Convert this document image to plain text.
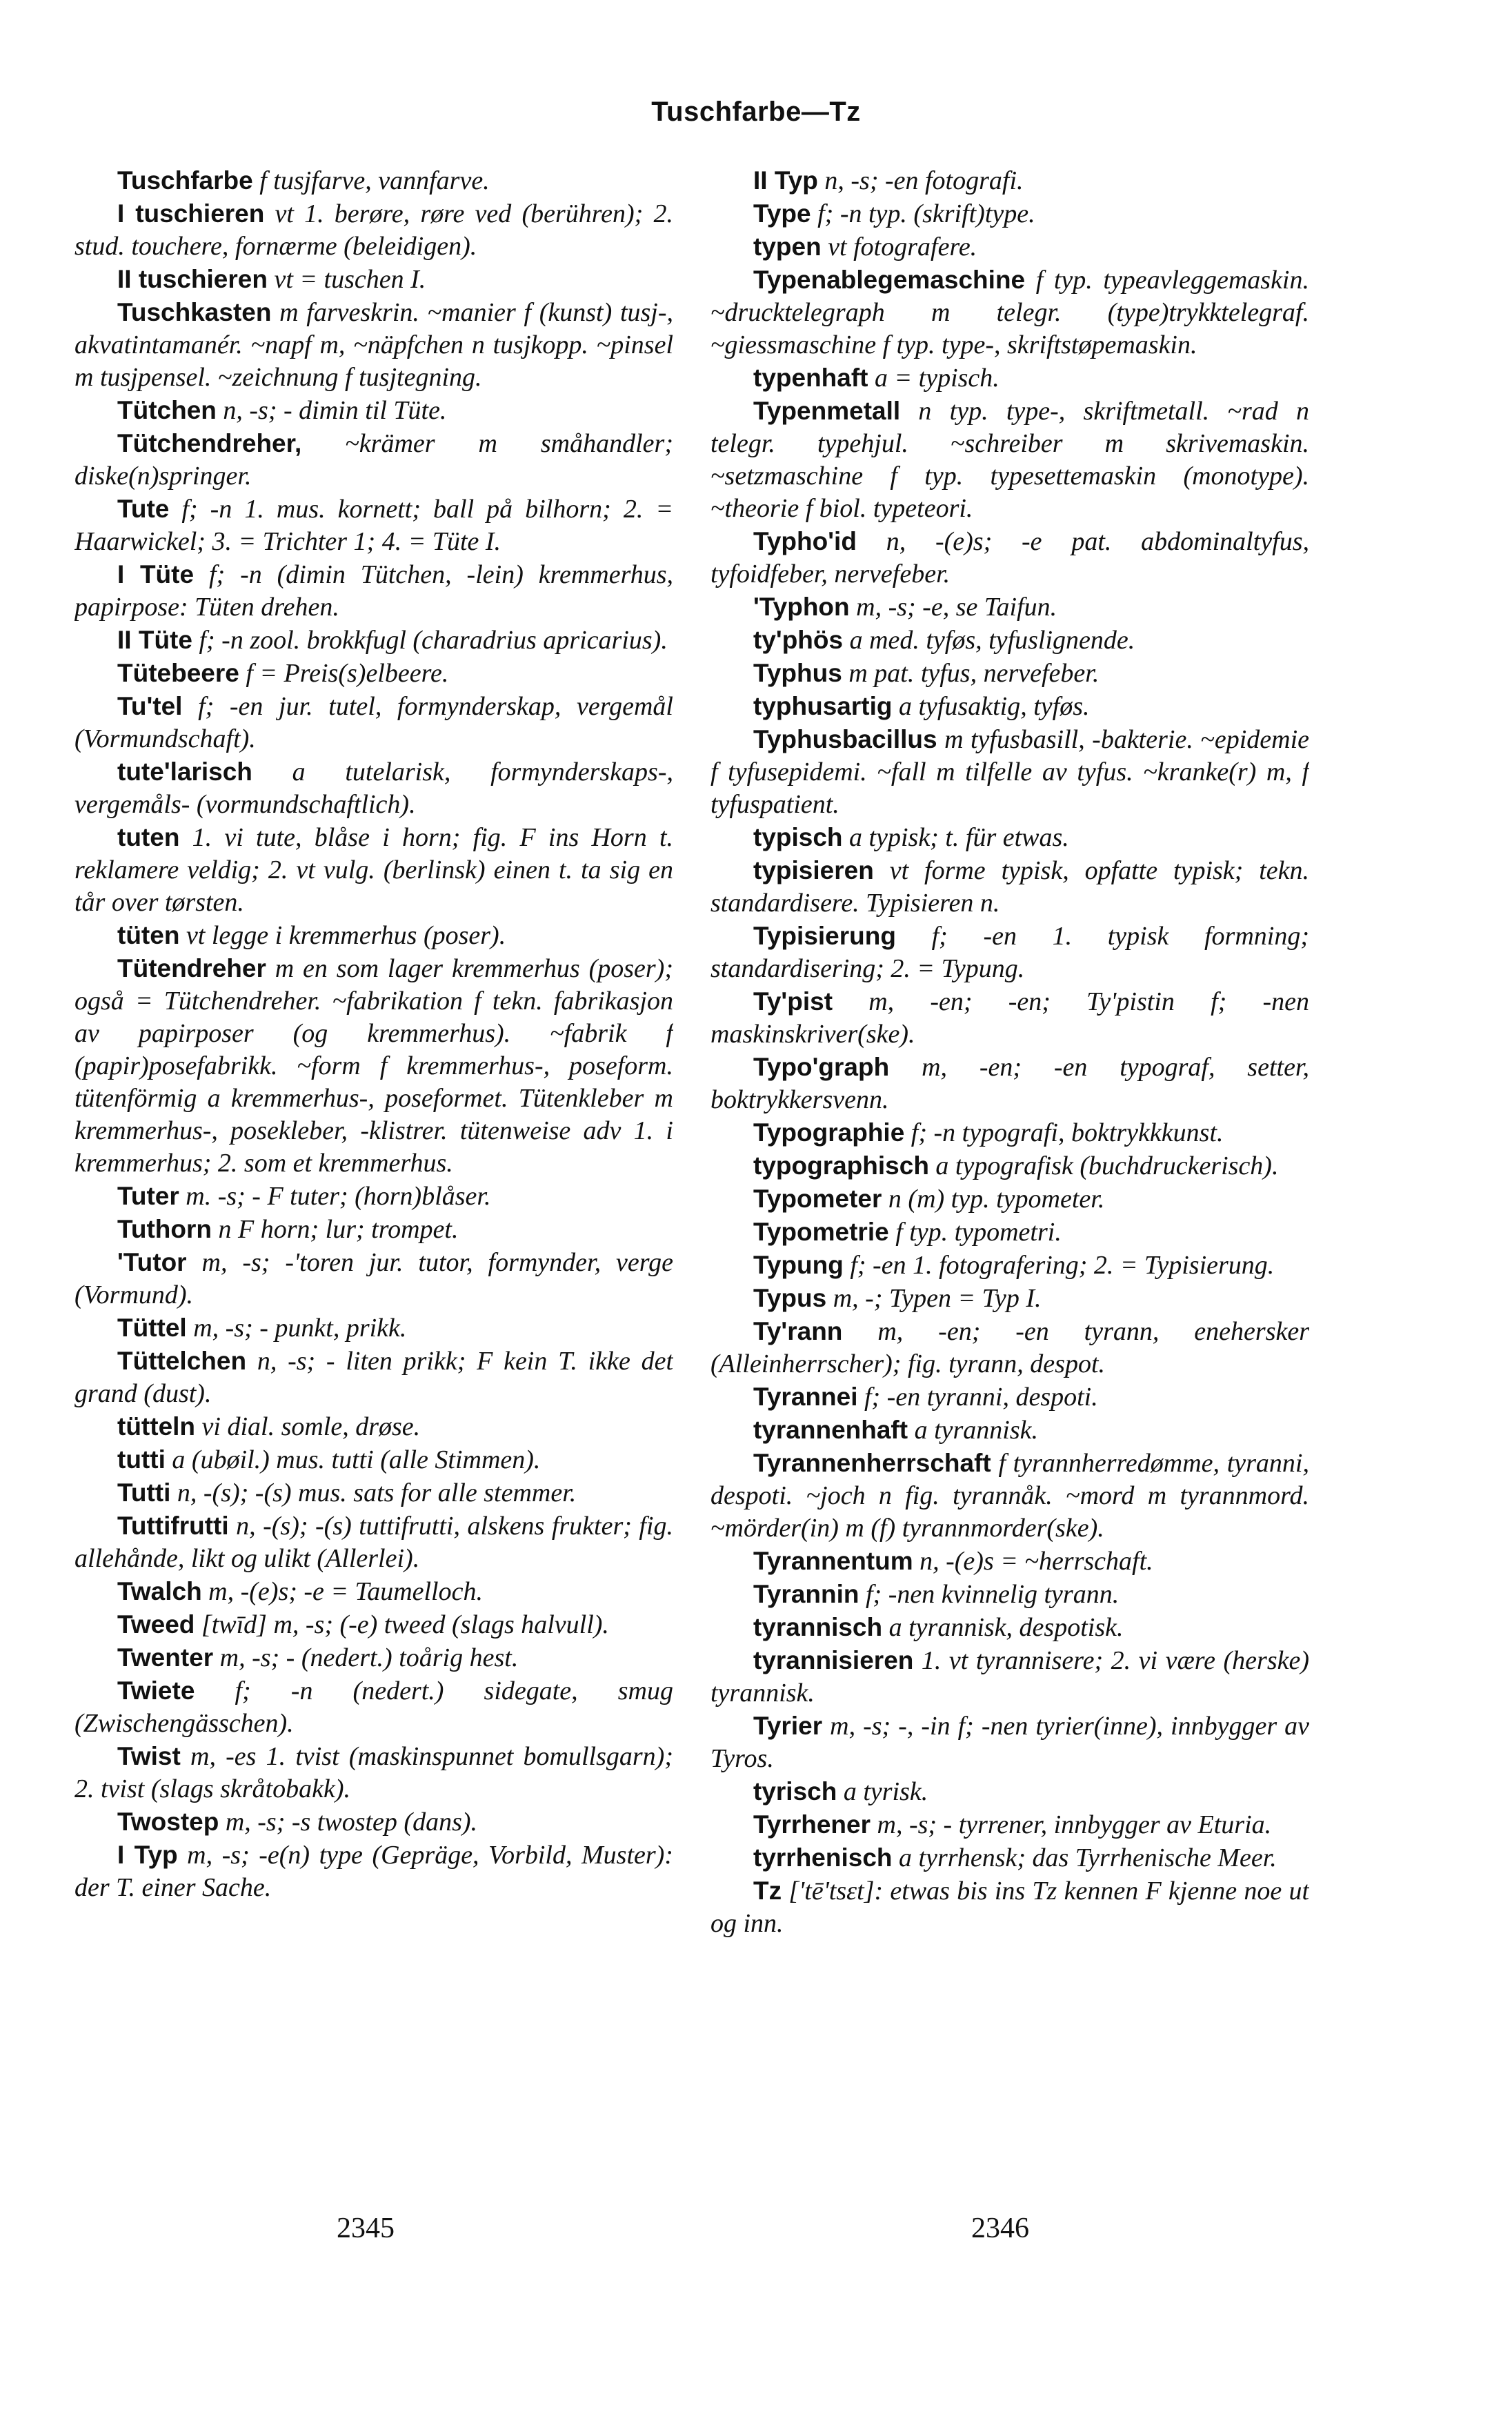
Tuschfarbe—Tz

Tuschfarbe f tusjfarve, vannfarve.

I tuschieren vt 1. berøre, røre ved (berühren); 2. stud. touchere, fornærme (beleidigen).

II tuschieren vt = tuschen I.

Tuschkasten m farveskrin. ~manier f (kunst) tusj-, akvatintamanér. ~napf m, ~näpfchen n tusjkopp. ~pinsel m tusjpensel. ~zeichnung f tusjtegning.

Tütchen n, -s; - dimin til Tüte.

Tütchendreher, ~krämer m småhandler; diske(n)springer.

Tute f; -n 1. mus. kornett; ball på bilhorn; 2. = Haarwickel; 3. = Trichter 1; 4. = Tüte I.

I Tüte f; -n (dimin Tütchen, -lein) kremmerhus, papirpose: Tüten drehen.

II Tüte f; -n zool. brokkfugl (charadrius apricarius).

Tütebeere f = Preis(s)elbeere.

Tu'tel f; -en jur. tutel, formynderskap, vergemål (Vormundschaft).

tute'larisch a tutelarisk, formynderskaps-, vergemåls- (vormundschaftlich).

tuten 1. vi tute, blåse i horn; fig. F ins Horn t. reklamere veldig; 2. vt vulg. (berlinsk) einen t. ta sig en tår over tørsten.

tüten vt legge i kremmerhus (poser).

Tütendreher m en som lager kremmerhus (poser); også = Tütchendreher. ~fabrikation f tekn. fabrikasjon av papirposer (og kremmerhus). ~fabrik f (papir)posefabrikk. ~form f kremmerhus-, poseform. tütenförmig a kremmerhus-, poseformet. Tütenkleber m kremmerhus-, posekleber, -klistrer. tütenweise adv 1. i kremmerhus; 2. som et kremmerhus.

Tuter m. -s; - F tuter; (horn)blåser.

Tuthorn n F horn; lur; trompet.

'Tutor m, -s; -'toren jur. tutor, formynder, verge (Vormund).

Tüttel m, -s; - punkt, prikk.

Tüttelchen n, -s; - liten prikk; F kein T. ikke det grand (dust).

tütteln vi dial. somle, drøse.

tutti a (ubøil.) mus. tutti (alle Stimmen).

Tutti n, -(s); -(s) mus. sats for alle stemmer.

Tuttifrutti n, -(s); -(s) tuttifrutti, alskens frukter; fig. allehånde, likt og ulikt (Allerlei).

Twalch m, -(e)s; -e = Taumelloch.

Tweed [twīd] m, -s; (-e) tweed (slags halvull).

Twenter m, -s; - (nedert.) toårig hest.

Twiete f; -n (nedert.) sidegate, smug (Zwischengässchen).

Twist m, -es 1. tvist (maskinspunnet bomullsgarn); 2. tvist (slags skråtobakk).

Twostep m, -s; -s twostep (dans).

I Typ m, -s; -e(n) type (Gepräge, Vorbild, Muster): der T. einer Sache.

II Typ n, -s; -en fotografi.

Type f; -n typ. (skrift)type.

typen vt fotografere.

Typenablegemaschine f typ. typeavleggemaskin. ~drucktelegraph m telegr. (type)trykktelegraf. ~giessmaschine f typ. type-, skriftstøpemaskin.

typenhaft a = typisch.

Typenmetall n typ. type-, skriftmetall. ~rad n telegr. typehjul. ~schreiber m skrivemaskin. ~setzmaschine f typ. typesettemaskin (monotype). ~theorie f biol. typeteori.

Typho'id n, -(e)s; -e pat. abdominaltyfus, tyfoidfeber, nervefeber.

'Typhon m, -s; -e, se Taifun.

ty'phös a med. tyføs, tyfuslignende.

Typhus m pat. tyfus, nervefeber.

typhusartig a tyfusaktig, tyføs.

Typhusbacillus m tyfusbasill, -bakterie. ~epidemie f tyfusepidemi. ~fall m tilfelle av tyfus. ~kranke(r) m, f tyfuspatient.

typisch a typisk; t. für etwas.

typisieren vt forme typisk, opfatte typisk; tekn. standardisere. Typisieren n.

Typisierung f; -en 1. typisk formning; standardisering; 2. = Typung.

Ty'pist m, -en; -en; Ty'pistin f; -nen maskinskriver(ske).

Typo'graph m, -en; -en typograf, setter, boktrykkersvenn.

Typographie f; -n typografi, boktrykkkunst.

typographisch a typografisk (buchdruckerisch).

Typometer n (m) typ. typometer.

Typometrie f typ. typometri.

Typung f; -en 1. fotografering; 2. = Typisierung.

Typus m, -; Typen = Typ I.

Ty'rann m, -en; -en tyrann, enehersker (Alleinherrscher); fig. tyrann, despot.

Tyrannei f; -en tyranni, despoti.

tyrannenhaft a tyrannisk.

Tyrannenherrschaft f tyrannherredømme, tyranni, despoti. ~joch n fig. tyrannåk. ~mord m tyrannmord. ~mörder(in) m (f) tyrannmorder(ske).

Tyrannentum n, -(e)s = ~herrschaft.

Tyrannin f; -nen kvinnelig tyrann.

tyrannisch a tyrannisk, despotisk.

tyrannisieren 1. vt tyrannisere; 2. vi være (herske) tyrannisk.

Tyrier m, -s; -, -in f; -nen tyrier(inne), innbygger av Tyros.

tyrisch a tyrisk.

Tyrrhener m, -s; - tyrrener, innbygger av Eturia.

tyrrhenisch a tyrrhensk; das Tyrrhenische Meer.

Tz ['tē'tsɛt]: etwas bis ins Tz kennen F kjenne noe ut og inn.

2345	2346
